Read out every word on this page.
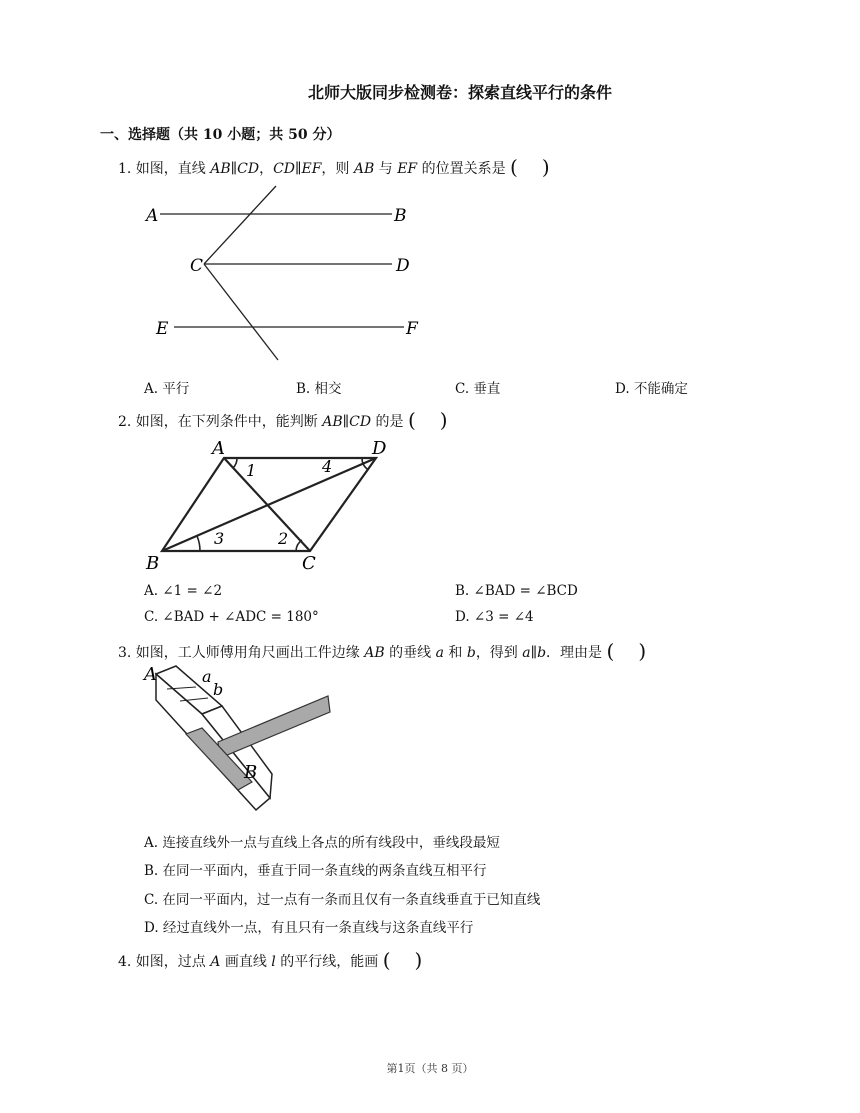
北师大版同步检测卷：探索直线平行的条件
一、选择题（共 10 小题；共 50 分）
1. 如图，直线 AB∥CD，CD∥EF，则 AB 与 EF 的位置关系是 ( )
A	B
C	D
E	F
A. 平行	B. 相交	C. 垂直	D. 不能确定
2. 如图，在下列条件中，能判断 AB∥CD 的是 ( )
A	D
B	C
1
2
3
4
A. ∠1 = ∠2	B. ∠BAD = ∠BCD
C. ∠BAD + ∠ADC = 180°	D. ∠3 = ∠4
3. 如图，工人师傅用角尺画出工件边缘 AB 的垂线 a 和 b，得到 a∥b．理由是 ( )
A	a
b
B
A. 连接直线外一点与直线上各点的所有线段中，垂线段最短
B. 在同一平面内，垂直于同一条直线的两条直线互相平行
C. 在同一平面内，过一点有一条而且仅有一条直线垂直于已知直线
D. 经过直线外一点，有且只有一条直线与这条直线平行
4. 如图，过点 A 画直线 l 的平行线，能画 ( )
第1页（共 8 页）
